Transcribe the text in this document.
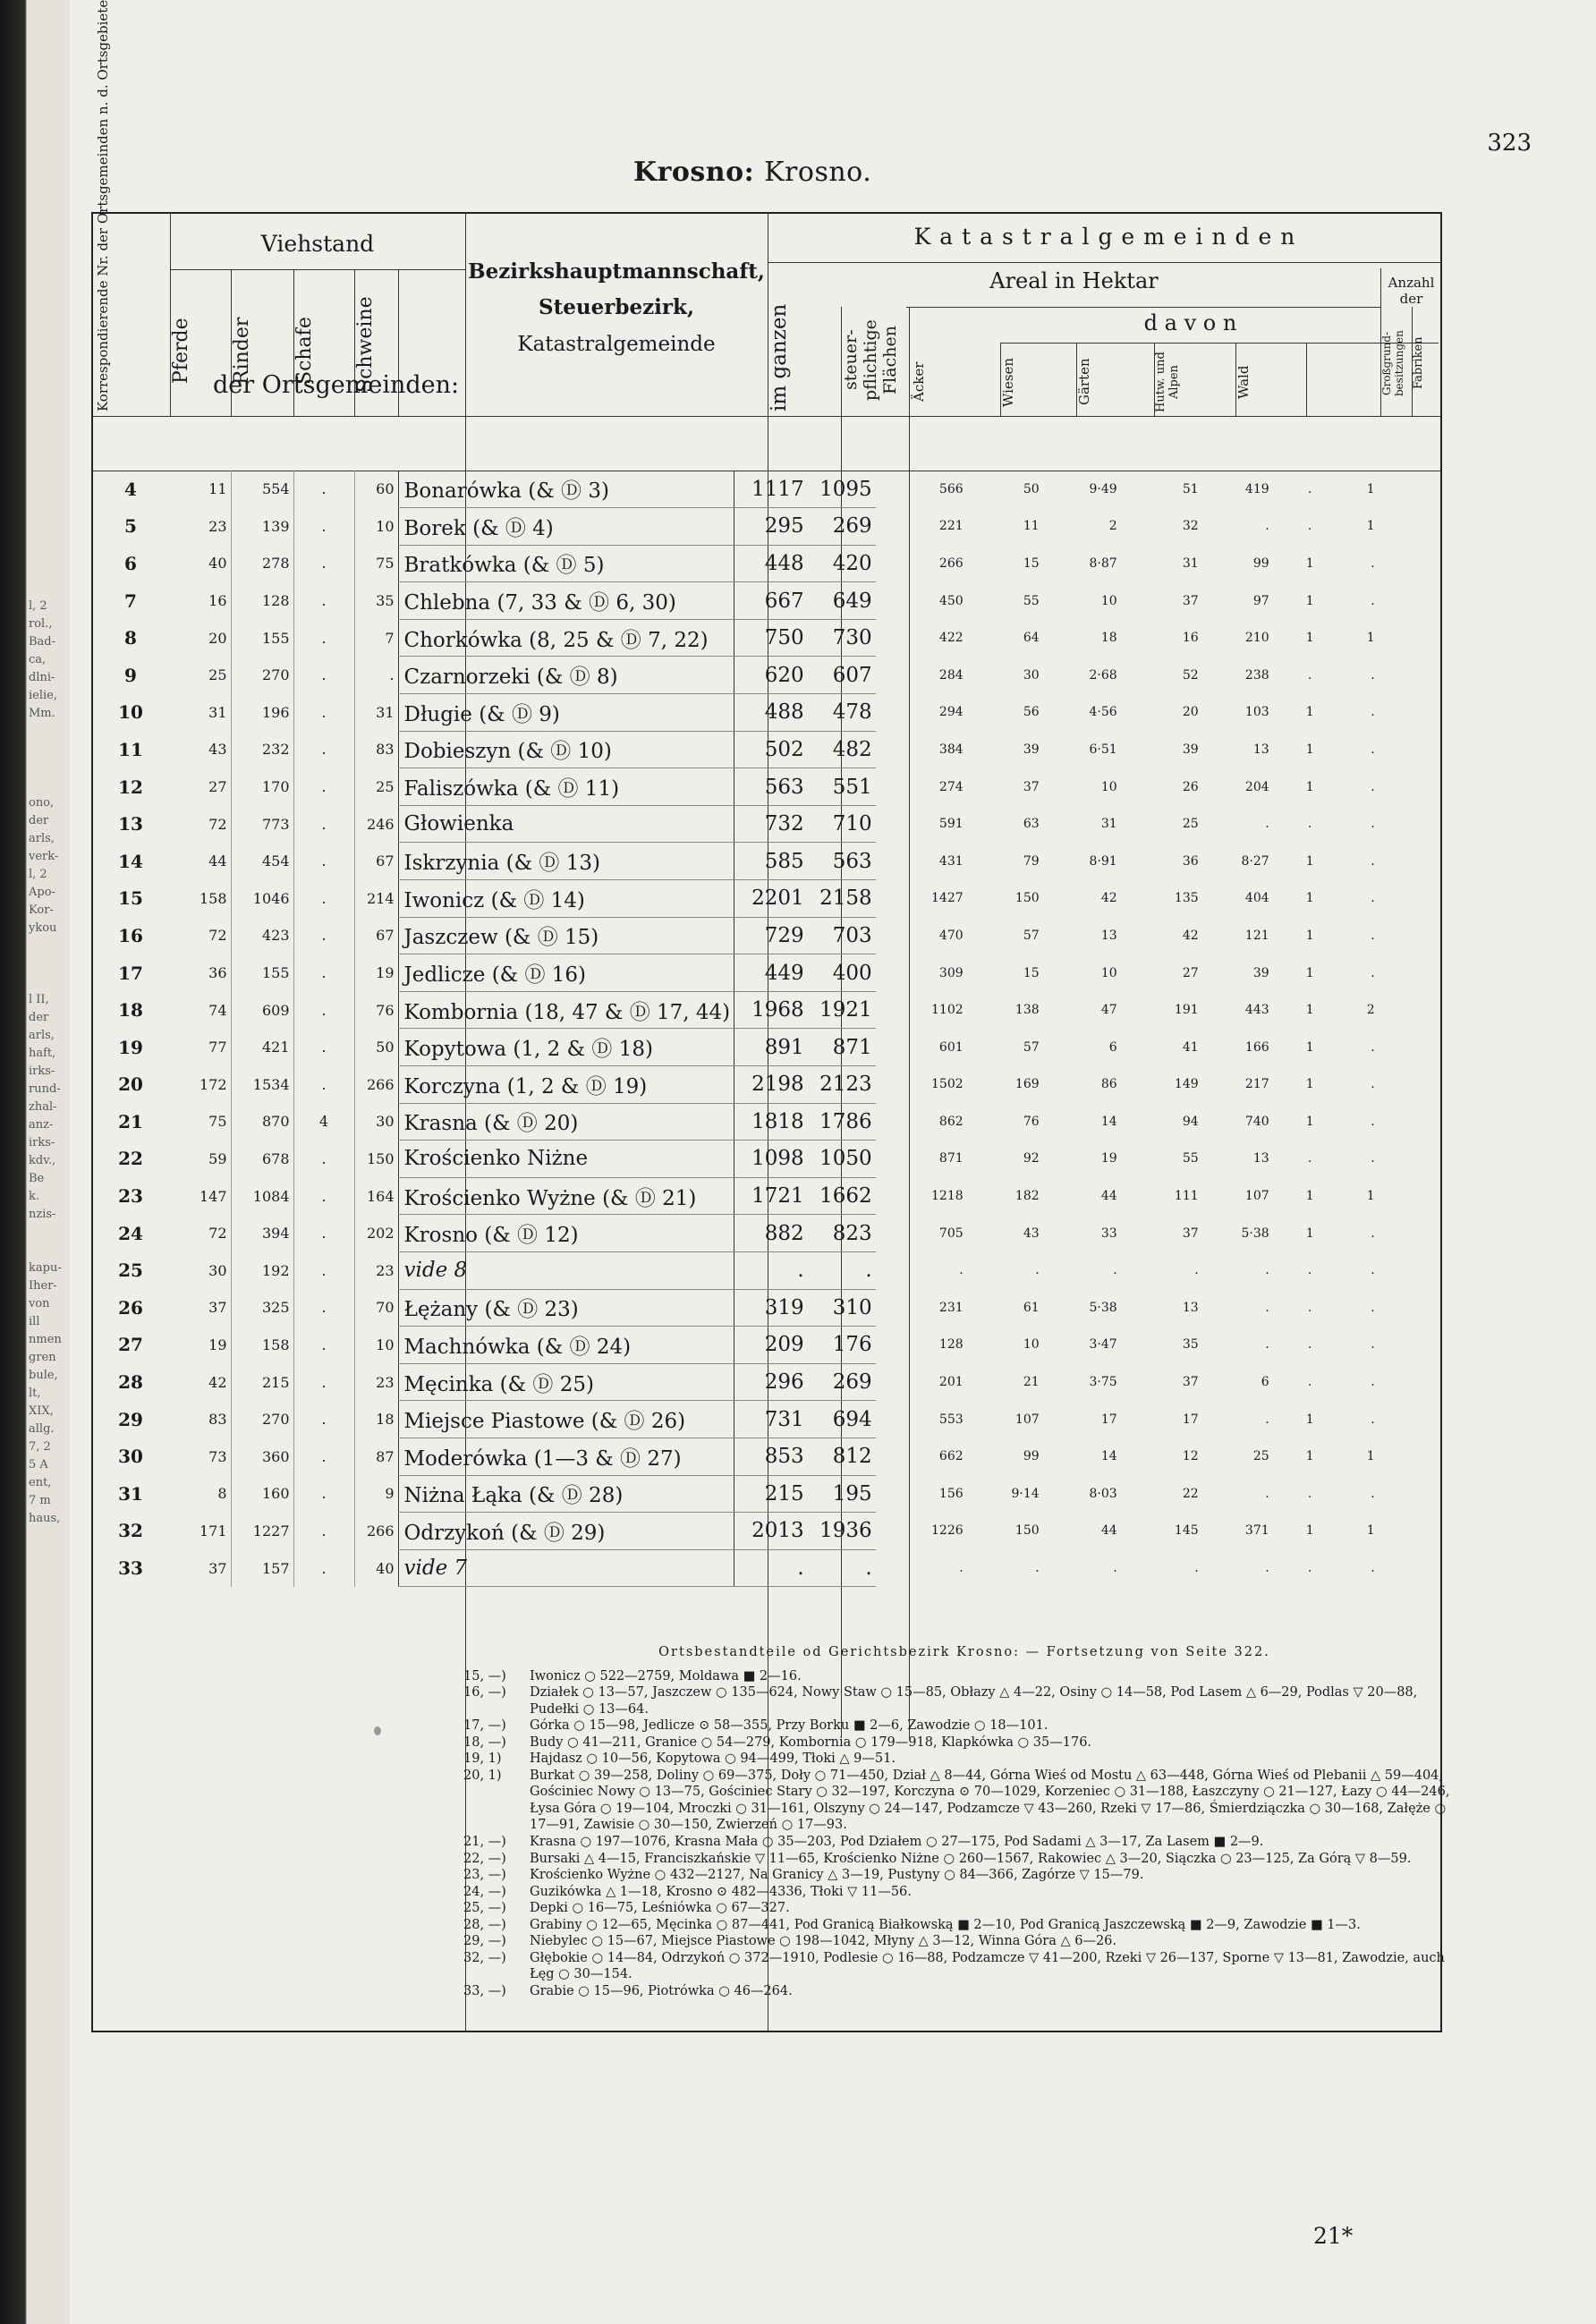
l, 2
rol.,
Bad-
ca,
dlni-
ielie,
Mm.
ono,
der
arls,
verk-
l, 2
Apo-
Kor-
ykou
l II,
der
arls,
haft,
irks-
rund-
zhal-
anz-
irks-
kdv.,
Be
k.
nzis-
kapu-
Iher-
von
ill
nmen
gren
bule,
lt,
XIX,
allg.
7, 2
5 A
ent,
7 m
haus,
Krosno: Krosno.
323
Korrespondierende Nr. der Ortsgemeinden n. d. Ortsgebiete	Viehstand
Pferde	Rinder	Schafe	Schweine
Bezirkshauptmannschaft,
Steuerbezirk,
Katastralgemeinde
K a t a s t r a l g e m e i n d e n
Areal in Hektar	Anzahl der
d a v o n
im ganzen	steuer-pflichtige Flächen Äcker	Wiesen	Gärten	Hutw. und Alpen	Wald	Großgrund-besitzungen Fabriken
der Ortsgemeinden:
4	11	554	.	60	Bonarówka (& Ⓓ 3)	1117	1095	566	50	9·49	51	419	.	1
5	23	139	.	10	Borek (& Ⓓ 4)	295	269	221	11	2	32	.	.	1
6	40	278	.	75	Bratkówka (& Ⓓ 5)	448	420	266	15	8·87	31	99	1	.
7	16	128	.	35	Chlebna (7, 33 & Ⓓ 6, 30)	667	649	450	55	10	37	97	1	.
8	20	155	.	7	Chorkówka (8, 25 & Ⓓ 7, 22)	750	730	422	64	18	16	210	1	1
9	25	270	.	.	Czarnorzeki (& Ⓓ 8)	620	607	284	30	2·68	52	238	.	.
10	31	196	.	31	Długie (& Ⓓ 9)	488	478	294	56	4·56	20	103	1	.
11	43	232	.	83	Dobieszyn (& Ⓓ 10)	502	482	384	39	6·51	39	13	1	.
12	27	170	.	25	Faliszówka (& Ⓓ 11)	563	551	274	37	10	26	204	1	.
13	72	773	.	246	Głowienka	732	710	591	63	31	25	.	.	.
14	44	454	.	67	Iskrzynia (& Ⓓ 13)	585	563	431	79	8·91	36	8·27	1	.
15	158	1046	.	214	Iwonicz (& Ⓓ 14)	2201	2158	1427	150	42	135	404	1	.
16	72	423	.	67	Jaszczew (& Ⓓ 15)	729	703	470	57	13	42	121	1	.
17	36	155	.	19	Jedlicze (& Ⓓ 16)	449	400	309	15	10	27	39	1	.
18	74	609	.	76	Kombornia (18, 47 & Ⓓ 17, 44)	1968	1921	1102	138	47	191	443	1	2
19	77	421	.	50	Kopytowa (1, 2 & Ⓓ 18)	891	871	601	57	6	41	166	1	.
20	172	1534	.	266	Korczyna (1, 2 & Ⓓ 19)	2198	2123	1502	169	86	149	217	1	.
21	75	870	4	30	Krasna (& Ⓓ 20)	1818	1786	862	76	14	94	740	1	.
22	59	678	.	150	Krościenko Niżne	1098	1050	871	92	19	55	13	.	.
23	147	1084	.	164	Krościenko Wyżne (& Ⓓ 21)	1721	1662	1218	182	44	111	107	1	1
24	72	394	.	202	Krosno (& Ⓓ 12)	882	823	705	43	33	37	5·38	1	.
25	30	192	.	23	vide 8	.	.	.	.	.	.	.	.	.
26	37	325	.	70	Łężany (& Ⓓ 23)	319	310	231	61	5·38	13	.	.	.
27	19	158	.	10	Machnówka (& Ⓓ 24)	209	176	128	10	3·47	35	.	.	.
28	42	215	.	23	Męcinka (& Ⓓ 25)	296	269	201	21	3·75	37	6	.	.
29	83	270	.	18	Miejsce Piastowe (& Ⓓ 26)	731	694	553	107	17	17	.	1	.
30	73	360	.	87	Moderówka (1—3 & Ⓓ 27)	853	812	662	99	14	12	25	1	1
31	8	160	.	9	Niżna Łąka (& Ⓓ 28)	215	195	156	9·14	8·03	22	.	.	.
32	171	1227	.	266	Odrzykoń (& Ⓓ 29)	2013	1936	1226	150	44	145	371	1	1
33	37	157	.	40	vide 7	.	.	.	.	.	.	.	.	.
Ortsbestandteile od Gerichtsbezirk Krosno: — Fortsetzung von Seite 322.
15, —)	Iwonicz ○ 522—2759, Moldawa ■ 2—16.
16, —)	Działek ○ 13—57, Jaszczew ○ 135—624, Nowy Staw ○ 15—85, Obłazy △ 4—22, Osiny ○ 14—58, Pod Lasem △ 6—29, Podlas ▽ 20—88, Pudełki ○ 13—64.
17, —)	Górka ○ 15—98, Jedlicze ⊙ 58—355, Przy Borku ■ 2—6, Zawodzie ○ 18—101.
18, —)	Budy ○ 41—211, Granice ○ 54—279, Kombornia ○ 179—918, Klapkówka ○ 35—176.
19, 1)	Hajdasz ○ 10—56, Kopytowa ○ 94—499, Tłoki △ 9—51.
20, 1)	Burkat ○ 39—258, Doliny ○ 69—375, Doły ○ 71—450, Dział △ 8—44, Górna Wieś od Mostu △ 63—448, Górna Wieś od Plebanii △ 59—404, Gościniec Nowy ○ 13—75, Gościniec Stary ○ 32—197, Korczyna ⊙ 70—1029, Korzeniec ○ 31—188, Łaszczyny ○ 21—127, Łazy ○ 44—246, Łysa Góra ○ 19—104, Mroczki ○ 31—161, Olszyny ○ 24—147, Podzamcze ▽ 43—260, Rzeki ▽ 17—86, Śmierdziączka ○ 30—168, Załęże ○ 17—91, Zawisie ○ 30—150, Zwierzeń ○ 17—93.
21, —)	Krasna ○ 197—1076, Krasna Mała ○ 35—203, Pod Działem ○ 27—175, Pod Sadami △ 3—17, Za Lasem ■ 2—9.
22, —)	Bursaki △ 4—15, Franciszkańskie ▽ 11—65, Krościenko Niżne ○ 260—1567, Rakowiec △ 3—20, Siączka ○ 23—125, Za Górą ▽ 8—59.
23, —)	Krościenko Wyżne ○ 432—2127, Na Granicy △ 3—19, Pustyny ○ 84—366, Zagórze ▽ 15—79.
24, —)	Guzikówka △ 1—18, Krosno ⊙ 482—4336, Tłoki ▽ 11—56.
25, —)	Depki ○ 16—75, Leśniówka ○ 67—327.
28, —)	Grabiny ○ 12—65, Męcinka ○ 87—441, Pod Granicą Białkowską ■ 2—10, Pod Granicą Jaszczewską ■ 2—9, Zawodzie ■ 1—3.
29, —)	Niebylec ○ 15—67, Miejsce Piastowe ○ 198—1042, Młyny △ 3—12, Winna Góra △ 6—26.
32, —)	Głębokie ○ 14—84, Odrzykoń ○ 372—1910, Podlesie ○ 16—88, Podzamcze ▽ 41—200, Rzeki ▽ 26—137, Sporne ▽ 13—81, Zawodzie, auch Łęg ○ 30—154.
33, —)	Grabie ○ 15—96, Piotrówka ○ 46—264.
21*
